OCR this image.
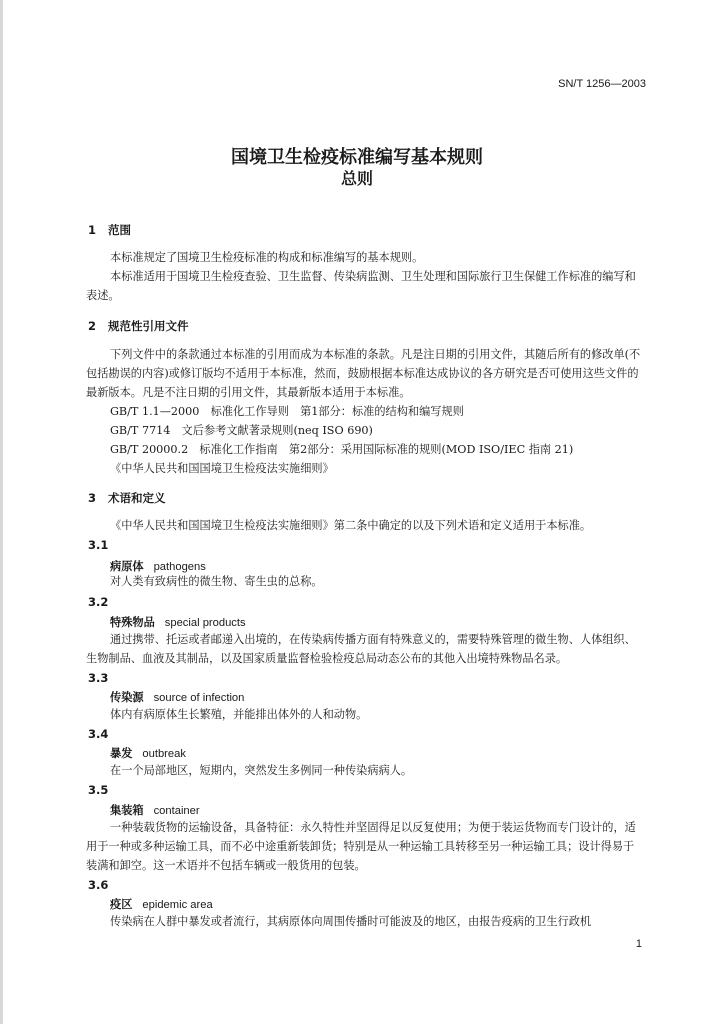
SN/T 1256—2003
国境卫生检疫标准编写基本规则
总则
1 范围

本标准规定了国境卫生检疫标准的构成和标准编写的基本规则。

本标准适用于国境卫生检疫查验、卫生监督、传染病监测、卫生处理和国际旅行卫生保健工作标准的编写和表述。

2 规范性引用文件

下列文件中的条款通过本标准的引用而成为本标准的条款。凡是注日期的引用文件，其随后所有的修改单(不包括勘误的内容)或修订版均不适用于本标准，然而，鼓励根据本标准达成协议的各方研究是否可使用这些文件的最新版本。凡是不注日期的引用文件，其最新版本适用于本标准。

GB/T 1.1—2000　标准化工作导则　第1部分：标准的结构和编写规则
GB/T 7714　文后参考文献著录规则(neq ISO 690)
GB/T 20000.2　标准化工作指南　第2部分：采用国际标准的规则(MOD ISO/IEC 指南 21)
《中华人民共和国国境卫生检疫法实施细则》
3 术语和定义

《中华人民共和国国境卫生检疫法实施细则》第二条中确定的以及下列术语和定义适用于本标准。

3.1
病原体 pathogens

对人类有致病性的微生物、寄生虫的总称。

3.2
特殊物品 special products

通过携带、托运或者邮递入出境的，在传染病传播方面有特殊意义的，需要特殊管理的微生物、人体组织、生物制品、血液及其制品，以及国家质量监督检验检疫总局动态公布的其他入出境特殊物品名录。

3.3
传染源 source of infection

体内有病原体生长繁殖，并能排出体外的人和动物。

3.4
暴发 outbreak

在一个局部地区，短期内，突然发生多例同一种传染病病人。

3.5
集装箱 container

一种装载货物的运输设备，具备特征：永久特性并坚固得足以反复使用；为便于装运货物而专门设计的，适用于一种或多种运输工具，而不必中途重新装卸货；特别是从一种运输工具转移至另一种运输工具；设计得易于装满和卸空。这一术语并不包括车辆或一般货用的包装。

3.6
疫区 epidemic area

传染病在人群中暴发或者流行，其病原体向周围传播时可能波及的地区，由报告疫病的卫生行政机

1
